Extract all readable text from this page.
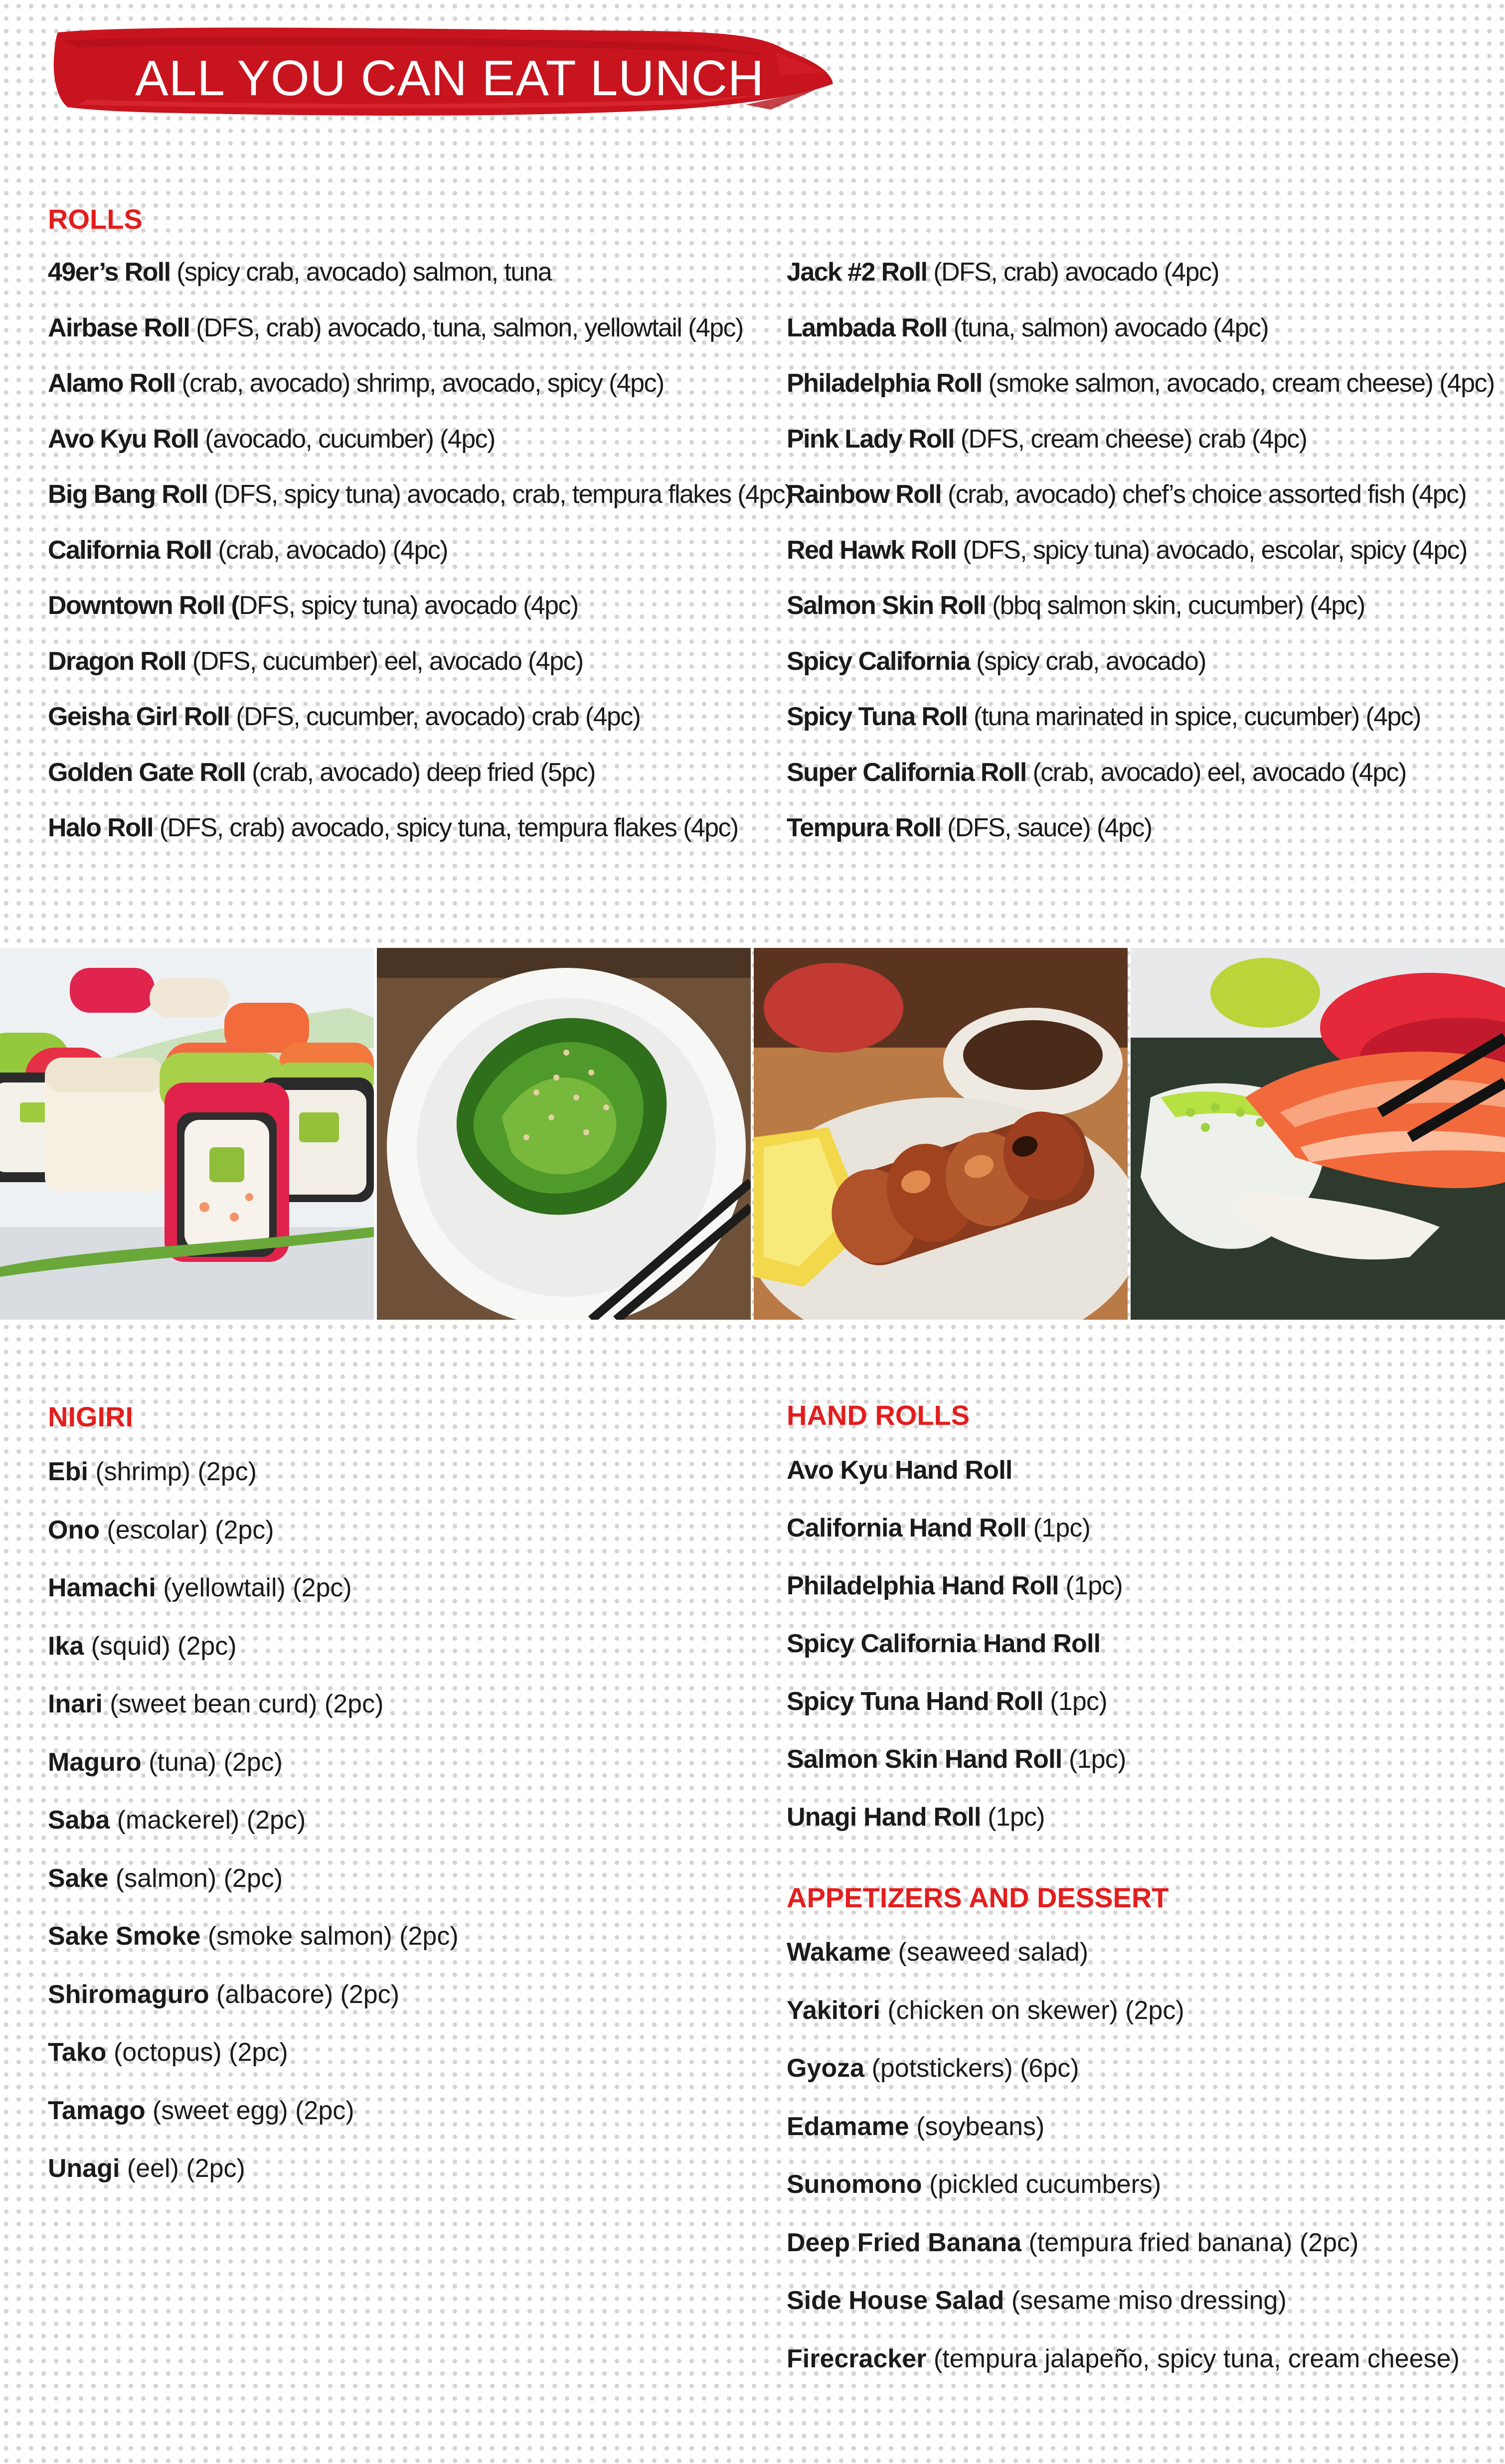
ALL YOU CAN EAT LUNCH
ROLLS
49er’s Roll (spicy crab, avocado) salmon, tuna
Airbase Roll (DFS, crab) avocado, tuna, salmon, yellowtail (4pc)
Alamo Roll (crab, avocado) shrimp, avocado, spicy (4pc)
Avo Kyu Roll (avocado, cucumber) (4pc)
Big Bang Roll (DFS, spicy tuna) avocado, crab, tempura flakes (4pc)
California Roll (crab, avocado) (4pc)
Downtown Roll (DFS, spicy tuna) avocado (4pc)
Dragon Roll (DFS, cucumber) eel, avocado (4pc)
Geisha Girl Roll (DFS, cucumber, avocado) crab (4pc)
Golden Gate Roll (crab, avocado) deep fried (5pc)
Halo Roll (DFS, crab) avocado, spicy tuna, tempura flakes (4pc)
Jack #2 Roll (DFS, crab) avocado (4pc)
Lambada Roll (tuna, salmon) avocado (4pc)
Philadelphia Roll (smoke salmon, avocado, cream cheese) (4pc)
Pink Lady Roll (DFS, cream cheese) crab (4pc)
Rainbow Roll (crab, avocado) chef’s choice assorted fish (4pc)
Red Hawk Roll (DFS, spicy tuna) avocado, escolar, spicy (4pc)
Salmon Skin Roll (bbq salmon skin, cucumber) (4pc)
Spicy California (spicy crab, avocado)
Spicy Tuna Roll (tuna marinated in spice, cucumber) (4pc)
Super California Roll (crab, avocado) eel, avocado (4pc)
Tempura Roll (DFS, sauce) (4pc)
NIGIRI
Ebi (shrimp) (2pc)
Ono (escolar) (2pc)
Hamachi (yellowtail) (2pc)
Ika (squid) (2pc)
Inari (sweet bean curd) (2pc)
Maguro (tuna) (2pc)
Saba (mackerel) (2pc)
Sake (salmon) (2pc)
Sake Smoke (smoke salmon) (2pc)
Shiromaguro (albacore) (2pc)
Tako (octopus) (2pc)
Tamago (sweet egg) (2pc)
Unagi (eel) (2pc)
HAND ROLLS
Avo Kyu Hand Roll
California Hand Roll (1pc)
Philadelphia Hand Roll (1pc)
Spicy California Hand Roll
Spicy Tuna Hand Roll (1pc)
Salmon Skin Hand Roll (1pc)
Unagi Hand Roll (1pc)
APPETIZERS AND DESSERT
Wakame (seaweed salad)
Yakitori (chicken on skewer) (2pc)
Gyoza (potstickers) (6pc)
Edamame (soybeans)
Sunomono (pickled cucumbers)
Deep Fried Banana (tempura fried banana) (2pc)
Side House Salad (sesame miso dressing)
Firecracker (tempura jalapeño, spicy tuna, cream cheese)
